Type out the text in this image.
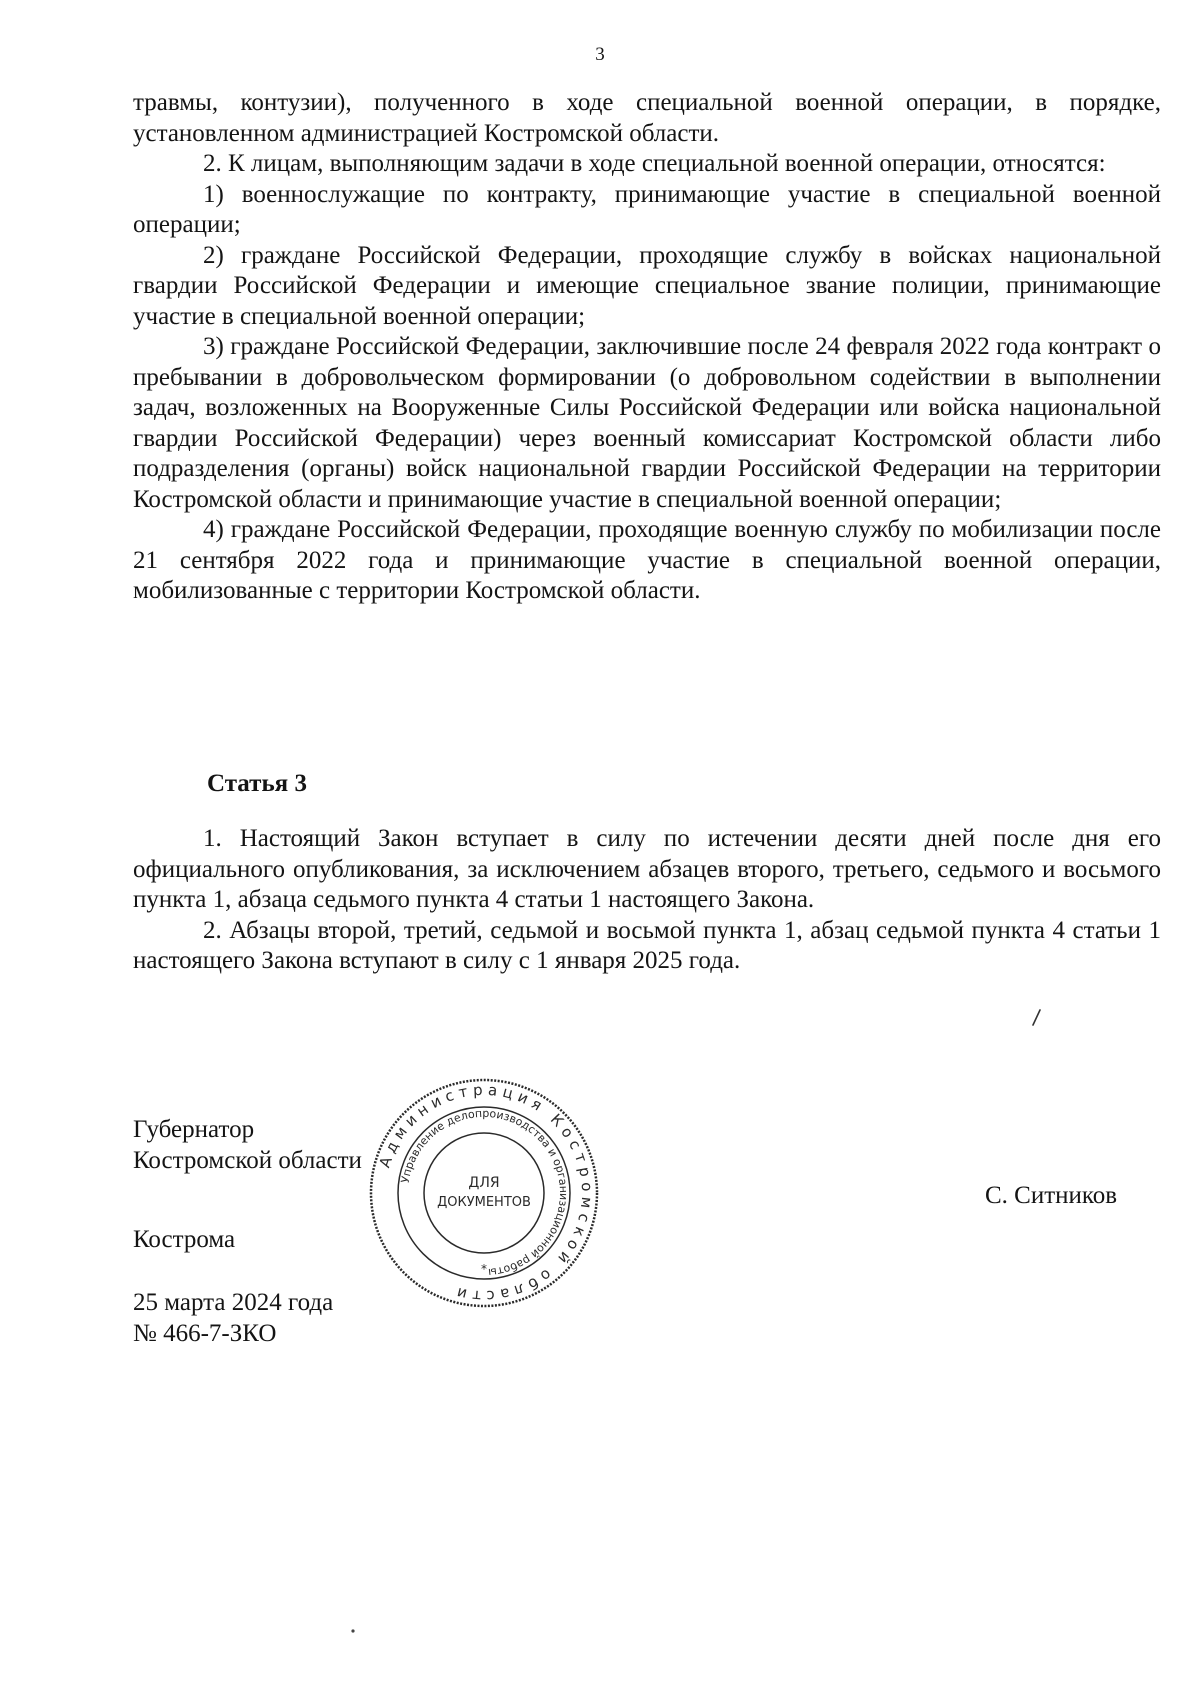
3

травмы, контузии), полученного в ходе специальной военной операции, в порядке, установленном администрацией Костромской области.

2. К лицам, выполняющим задачи в ходе специальной военной операции, относятся:

1) военнослужащие по контракту, принимающие участие в специальной военной операции;

2) граждане Российской Федерации, проходящие службу в войсках национальной гвардии Российской Федерации и имеющие специальное звание полиции, принимающие участие в специальной военной операции;

3) граждане Российской Федерации, заключившие после 24 февраля 2022 года контракт о пребывании в добровольческом формировании (о добровольном содействии в выполнении задач, возложенных на Вооруженные Силы Российской Федерации или войска национальной гвардии Российской Федерации) через военный комиссариат Костромской области либо подразделения (органы) войск национальной гвардии Российской Федерации на территории Костромской области и принимающие участие в специальной военной операции;

4) граждане Российской Федерации, проходящие военную службу по мобилизации после 21 сентября 2022 года и принимающие участие в специальной военной операции, мобилизованные с территории Костромской области.

Статья 3

1. Настоящий Закон вступает в силу по истечении десяти дней после дня его официального опубликования, за исключением абзацев второго, третьего, седьмого и восьмого пункта 1, абзаца седьмого пункта 4 статьи 1 настоящего Закона.

2. Абзацы второй, третий, седьмой и восьмой пункта 1, абзац седьмой пункта 4 статьи 1 настоящего Закона вступают в силу с 1 января 2025 года.

Губернатор
Костромской области
С. Ситников
Кострома
25 марта 2024 года
№ 466-7-ЗКО
Администрация Костромской области
Управление делопроизводства и организационной работы
ДЛЯ
ДОКУМЕНТОВ
*
